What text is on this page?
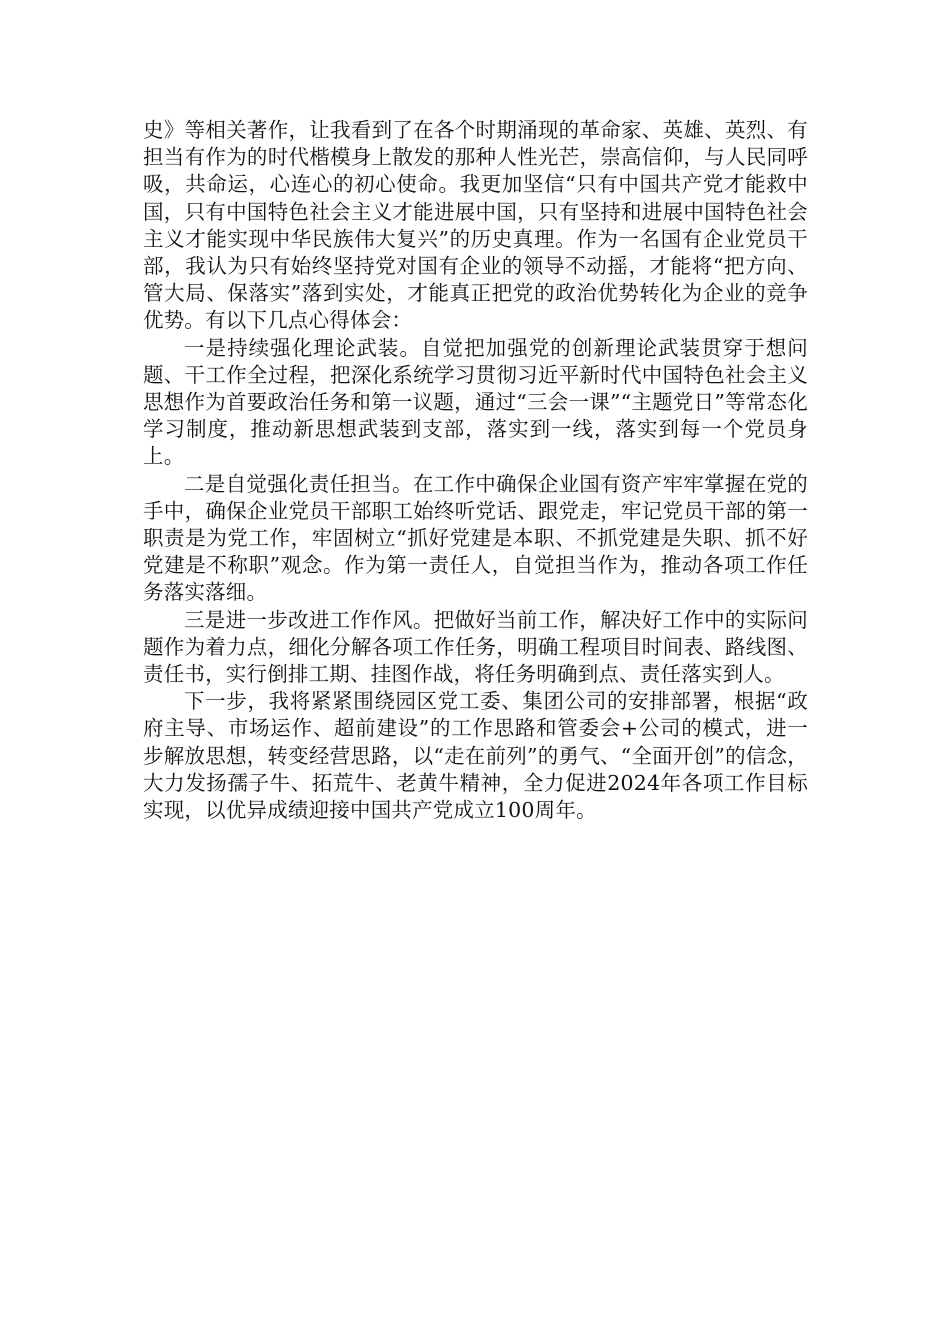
史》等相关著作，让我看到了在各个时期涌现的革命家、英雄、英烈、有担当有作为的时代楷模身上散发的那种人性光芒，崇高信仰，与人民同呼吸，共命运，心连心的初心使命。我更加坚信“只有中国共产党才能救中国，只有中国特色社会主义才能进展中国，只有坚持和进展中国特色社会主义才能实现中华民族伟大复兴”的历史真理。作为一名国有企业党员干部，我认为只有始终坚持党对国有企业的领导不动摇，才能将“把方向、管大局、保落实”落到实处，才能真正把党的政治优势转化为企业的竞争优势。有以下几点心得体会：

一是持续强化理论武装。自觉把加强党的创新理论武装贯穿于想问题、干工作全过程，把深化系统学习贯彻习近平新时代中国特色社会主义思想作为首要政治任务和第一议题，通过“三会一课”“主题党日”等常态化学习制度，推动新思想武装到支部，落实到一线，落实到每一个党员身上。

二是自觉强化责任担当。在工作中确保企业国有资产牢牢掌握在党的手中，确保企业党员干部职工始终听党话、跟党走，牢记党员干部的第一职责是为党工作，牢固树立“抓好党建是本职、不抓党建是失职、抓不好党建是不称职”观念。作为第一责任人，自觉担当作为，推动各项工作任务落实落细。

三是进一步改进工作作风。把做好当前工作，解决好工作中的实际问题作为着力点，细化分解各项工作任务，明确工程项目时间表、路线图、责任书，实行倒排工期、挂图作战，将任务明确到点、责任落实到人。

下一步，我将紧紧围绕园区党工委、集团公司的安排部署，根据“政府主导、市场运作、超前建设”的工作思路和管委会+公司的模式，进一步解放思想，转变经营思路，以“走在前列”的勇气、“全面开创”的信念，大力发扬孺子牛、拓荒牛、老黄牛精神，全力促进2024年各项工作目标实现，以优异成绩迎接中国共产党成立100周年。
